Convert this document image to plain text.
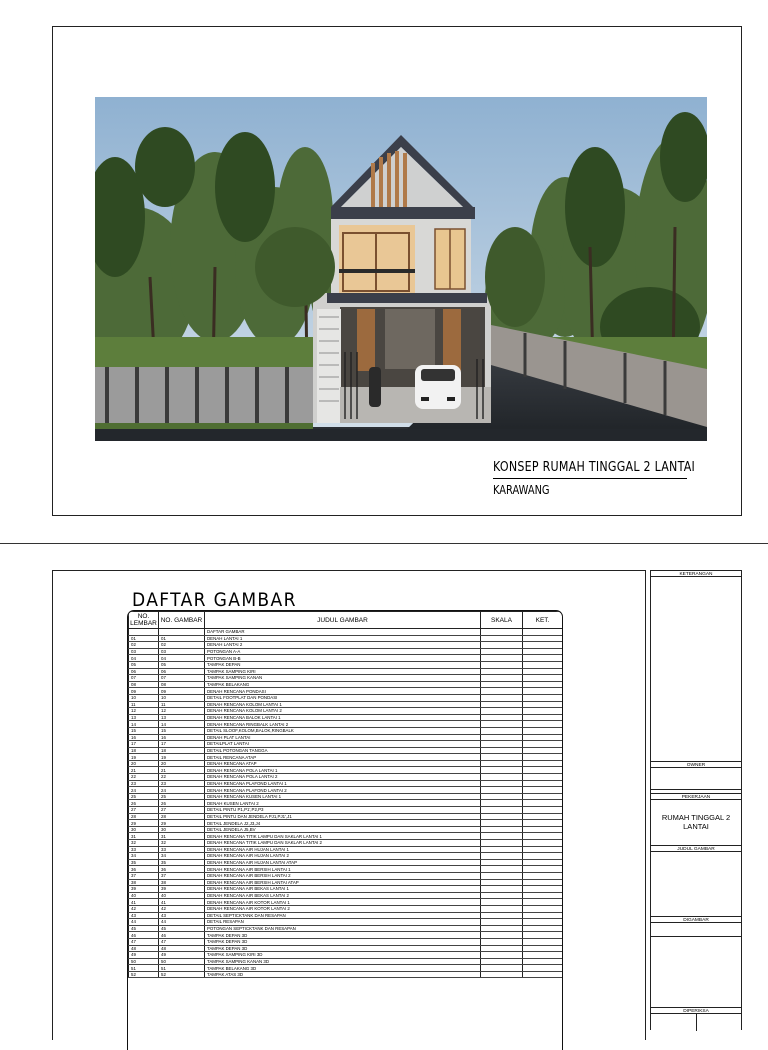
KONSEP RUMAH TINGGAL 2 LANTAI
KARAWANG
DAFTAR GAMBAR
NO. LEMBAR	NO. GAMBAR	JUDUL GAMBAR	SKALA	KET.
		DAFTAR GAMBAR		
01	01	DENAH LANTAI 1		
02	02	DENAH LANTAI 2		
03	03	POTONGAN A-A		
04	04	POTONGAN B-B		
05	05	TAMPAK DEPAN		
06	06	TAMPAK SAMPING KIRI		
07	07	TAMPAK SAMPING KANAN		
08	08	TAMPAK BELAKANG		
09	09	DENAH RENCANA PONDASI		
10	10	DETAIL FOOTPLAT DAN PONDASI		
11	11	DENAH RENCANA KOLOM LANTAI 1		
12	12	DENAH RENCANA KOLOM LANTAI 2		
13	13	DENAH RENCANA BALOK LANTAI 1		
14	14	DENAH RENCANA RINGBALK LANTAI 2		
15	15	DETAIL SLOOF,KOLOM,BALOK,RINGBALK		
16	16	DENAH PLAT LANTAI		
17	17	DETAILPLAT LANTAI		
18	18	DETAIL POTONGAN TANGGA		
19	19	DETAIL RENCANA ATAP		
20	20	DENAH RENCANA ATAP		
21	21	DENAH RENCANA POLA LANTAI 1		
22	22	DENAH RENCANA POLA LANTAI 2		
23	23	DENAH RENCANA PLAFOND LANTAI 1		
24	24	DENAH RENCANA PLAFOND LANTAI 2		
25	25	DENAH RENCANA KUSEN LANTAI 1		
26	26	DENAH KUSEN LANTAI 2		
27	27	DETAIL PINTU P1,P1',P2,P3		
28	28	DETAIL PINTU DAN JENDELA PJ1,PJ1',J1		
29	29	DETAIL JENDELA J2,J3,J4		
30	30	DETAIL JENDELA J5,BV		
31	31	DENAH RENCANA TITIK LAMPU DAN SAKLAR LANTAI 1		
32	32	DENAH RENCANA TITIK LAMPU DAN SAKLAR LANTAI 2		
33	33	DENAH RENCANA AIR HUJAN LANTAI 1		
34	34	DENAH RENCANA AIR HUJAN LANTAI 2		
35	35	DENAH RENCANA AIR HUJAN LANTAI ATAP		
36	36	DENAH RENCANA AIR BERSIH LANTAI 1		
37	37	DENAH RENCANA AIR BERSIH LANTAI 2		
38	38	DENAH RENCANA AIR BERSIH LANTAI ATAP		
39	39	DENAH RENCANA AIR BEKAS LANTAI 1		
40	40	DENAH RENCANA AIR BEKAS LANTAI 2		
41	41	DENAH RENCANA AIR KOTOR LANTAI 1		
42	42	DENAH RENCANA AIR KOTOR LANTAI 2		
43	43	DETAIL SEPTICKTANK DAN RESAPAN		
44	44	DETAIL RESAPAN		
45	45	POTONGAN SEPTICKTANK DAN RESAPAN		
46	46	TAMPAK DEPAN 3D		
47	47	TAMPAK DEPAN 3D		
48	48	TAMPAK DEPAN 3D		
49	49	TAMPAK SAMPING KIRI 3D		
50	50	TAMPAK SAMPING KANAN 3D		
51	51	TAMPAK BELAKANG 3D		
52	52	TAMPAK ATAS 3D		
KETERANGAN
OWNER
PEKERJAAN
RUMAH TINGGAL 2 LANTAI
JUDUL GAMBAR
DIGAMBAR
DIPERIKSA
